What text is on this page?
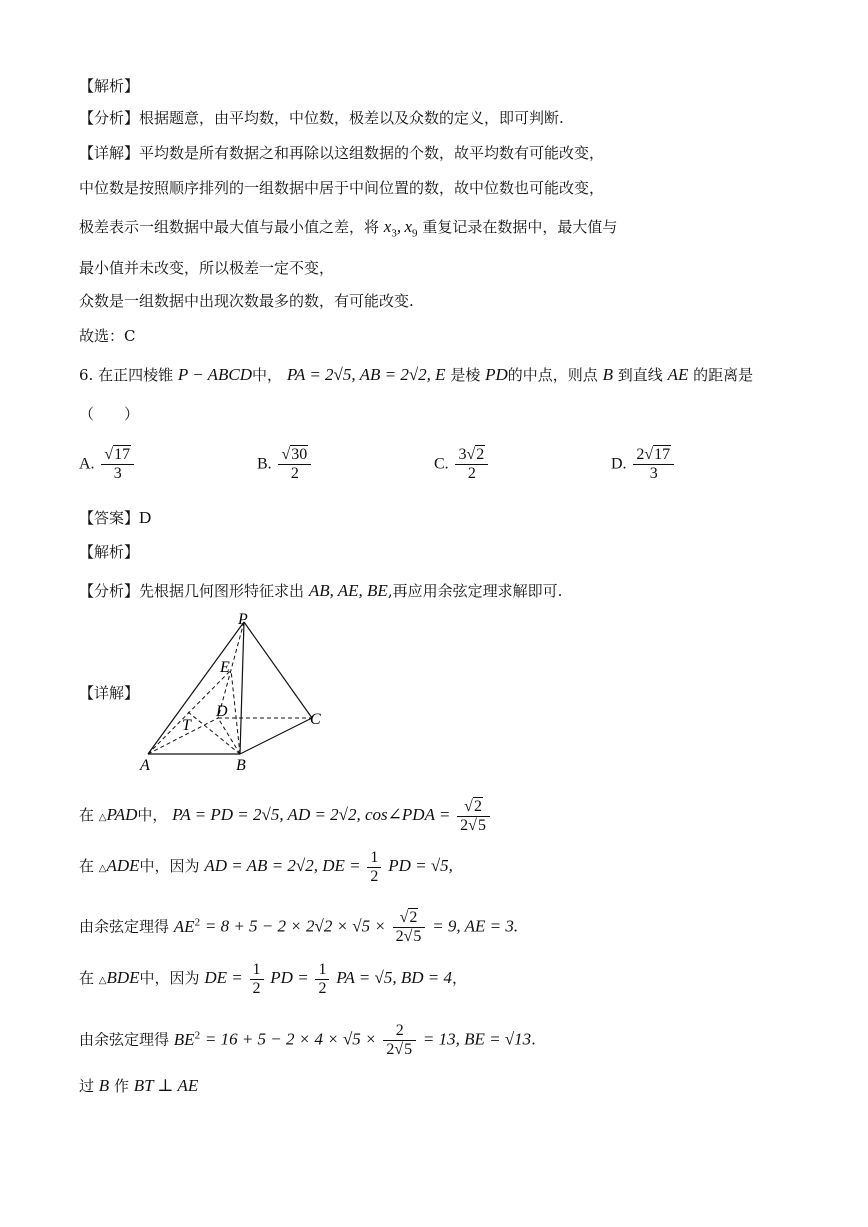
【解析】
【分析】根据题意，由平均数，中位数，极差以及众数的定义，即可判断.
【详解】平均数是所有数据之和再除以这组数据的个数，故平均数有可能改变，
中位数是按照顺序排列的一组数据中居于中间位置的数，故中位数也可能改变，
极差表示一组数据中最大值与最小值之差，将 $x_3$, $x_9$ 重复记录在数据中，最大值与
最小值并未改变，所以极差一定不变，
众数是一组数据中出现次数最多的数，有可能改变.
故选：C
6. 在正四棱锥 P − ABCD中， PA = 2√5, AB = 2√2, E 是棱 PD的中点，则点 B 到直线 AE 的距离是
（　　）
A. $\frac{√17}{3}$	B. $\frac{√30}{2}$	C. $\frac{3√2}{2}$	D. $\frac{2√17}{3}$
【答案】D
【解析】
【分析】先根据几何图形特征求出 AB, AE, BE,再应用余弦定理求解即可.
【详解】
P
E
D	C
T
A	B
在 △PAD中， PA = PD = 2√5, AD = 2√2, cos∠PDA = $\frac{√2}{2√5}$
在 △ADE中，因为 AD = AB = 2√2, DE = $\frac{1}{2}$ PD = √5,
由余弦定理得 $AE^2 = 8 + 5 - 2 \times 2√2 \times √5 \times \frac{√2}{2√5} = 9$, AE = 3.
在 △BDE中，因为 DE = $\frac{1}{2}$ PD = $\frac{1}{2}$ PA = √5, BD = 4，
由余弦定理得 $BE^2 = 16 + 5 - 2 \times 4 \times √5 \times \frac{2}{2√5} = 13$, BE = √13.
过 B 作 BT ⊥ AE
